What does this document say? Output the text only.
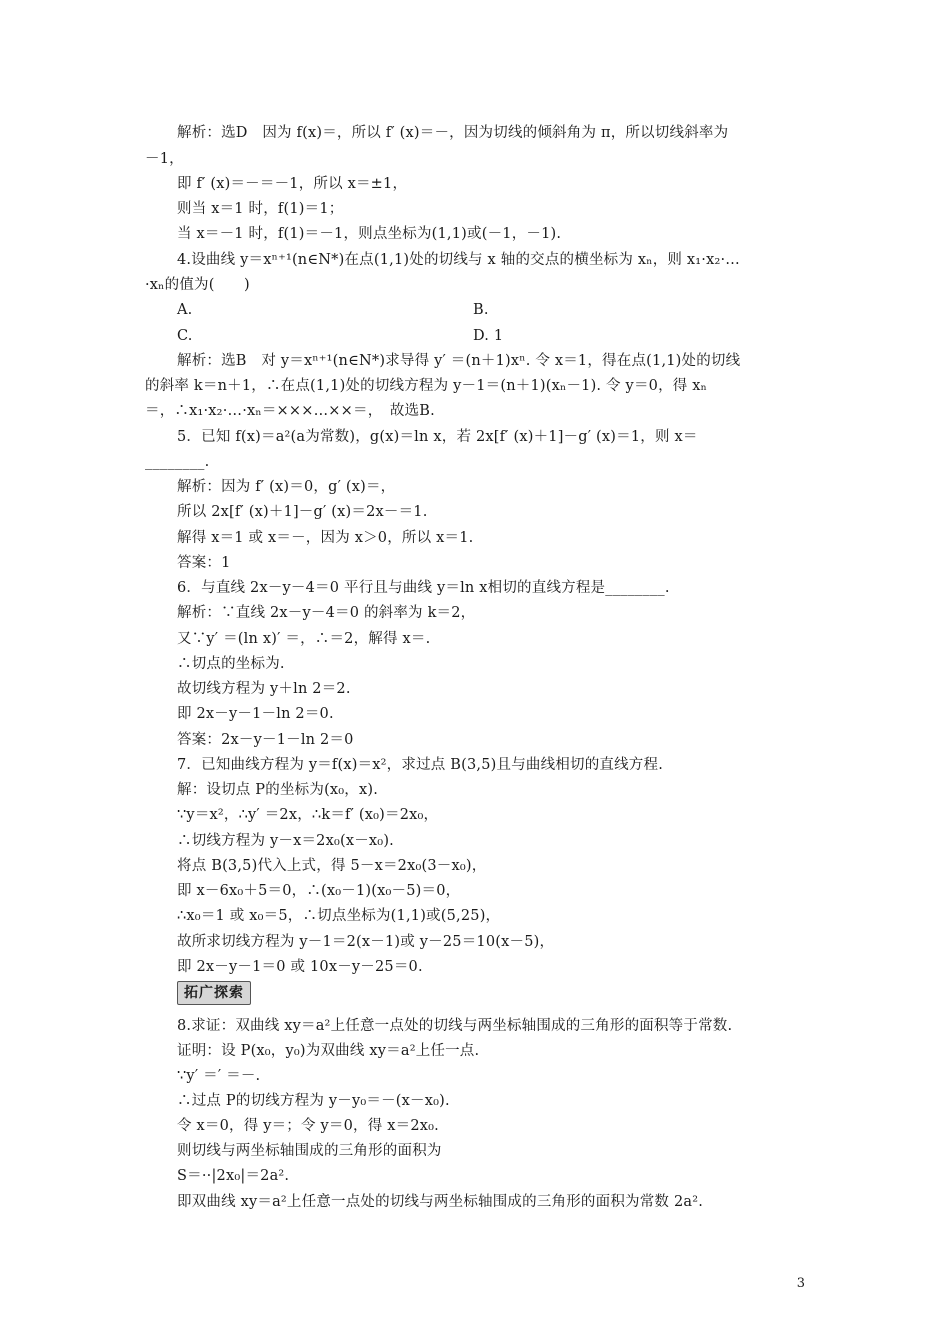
解析：选D　因为 f(x)＝，所以 f′ (x)＝－，因为切线的倾斜角为 π，所以切线斜率为
－1，
即 f′ (x)＝－＝－1，所以 x＝±1，
则当 x＝1 时，f(1)＝1；
当 x＝－1 时，f(1)＝－1，则点坐标为(1,1)或(－1，－1).
4.设曲线 y＝xⁿ⁺¹(n∈N*)在点(1,1)处的切线与 x 轴的交点的横坐标为 xₙ，则 x₁·x₂·…
·xₙ的值为(　　)
A.	B.
C.	D. 1
解析：选B　对 y＝xⁿ⁺¹(n∈N*)求导得 y′ ＝(n＋1)xⁿ. 令 x＝1，得在点(1,1)处的切线
的斜率 k＝n＋1，∴在点(1,1)处的切线方程为 y－1＝(n＋1)(xₙ－1). 令 y＝0，得 xₙ
＝，∴x₁·x₂·…·xₙ＝×××…××＝，　故选B.
5．已知 f(x)＝a²(a为常数)，g(x)＝ln x，若 2x[f′ (x)＋1]－g′ (x)＝1，则 x＝
________.
解析：因为 f′ (x)＝0，g′ (x)＝，
所以 2x[f′ (x)＋1]－g′ (x)＝2x－＝1.
解得 x＝1 或 x＝－，因为 x＞0，所以 x＝1.
答案：1
6．与直线 2x－y－4＝0 平行且与曲线 y＝ln x相切的直线方程是________.
解析：∵直线 2x－y－4＝0 的斜率为 k＝2，
又∵y′ ＝(ln x)′ ＝，∴＝2，解得 x＝.
∴切点的坐标为.
故切线方程为 y＋ln 2＝2.
即 2x－y－1－ln 2＝0.
答案：2x－y－1－ln 2＝0
7．已知曲线方程为 y＝f(x)＝x²，求过点 B(3,5)且与曲线相切的直线方程.
解：设切点 P的坐标为(x₀，x).
∵y＝x²，∴y′ ＝2x，∴k＝f′ (x₀)＝2x₀，
∴切线方程为 y－x＝2x₀(x－x₀).
将点 B(3,5)代入上式，得 5－x＝2x₀(3－x₀)，
即 x－6x₀＋5＝0，∴(x₀－1)(x₀－5)＝0，
∴x₀＝1 或 x₀＝5，∴切点坐标为(1,1)或(5,25)，
故所求切线方程为 y－1＝2(x－1)或 y－25＝10(x－5)，
即 2x－y－1＝0 或 10x－y－25＝0.
拓广探索
8.求证：双曲线 xy＝a²上任意一点处的切线与两坐标轴围成的三角形的面积等于常数.
证明：设 P(x₀，y₀)为双曲线 xy＝a²上任一点.
∵y′ ＝′ ＝－.
∴过点 P的切线方程为 y－y₀＝－(x－x₀).
令 x＝0，得 y＝；令 y＝0，得 x＝2x₀.
则切线与两坐标轴围成的三角形的面积为
S＝··|2x₀|＝2a².
即双曲线 xy＝a²上任意一点处的切线与两坐标轴围成的三角形的面积为常数 2a².
3
